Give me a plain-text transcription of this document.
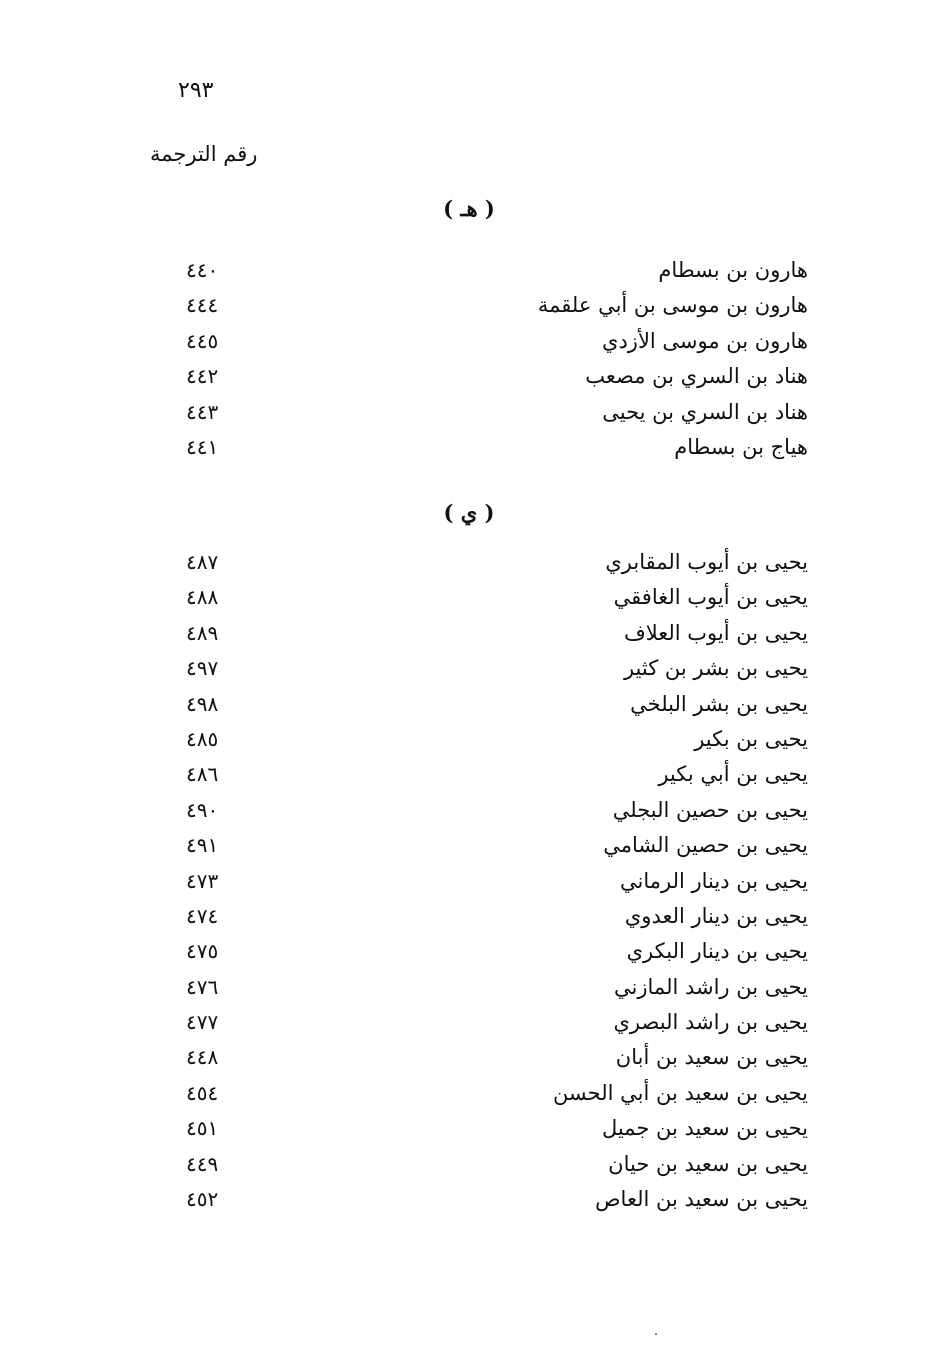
٢٩٣
رقم الترجمة
( هـ )
هارون بن بسطام
٤٤٠
هارون بن موسى بن أبي علقمة
٤٤٤
هارون بن موسى الأزدي
٤٤٥
هناد بن السري بن مصعب
٤٤٢
هناد بن السري بن يحيى
٤٤٣
هياج بن بسطام
٤٤١
( ي )
يحيى بن أيوب المقابري
٤٨٧
يحيى بن أيوب الغافقي
٤٨٨
يحيى بن أيوب العلاف
٤٨٩
يحيى بن بشر بن كثير
٤٩٧
يحيى بن بشر البلخي
٤٩٨
يحيى بن بكير
٤٨٥
يحيى بن أبي بكير
٤٨٦
يحيى بن حصين البجلي
٤٩٠
يحيى بن حصين الشامي
٤٩١
يحيى بن دينار الرماني
٤٧٣
يحيى بن دينار العدوي
٤٧٤
يحيى بن دينار البكري
٤٧٥
يحيى بن راشد المازني
٤٧٦
يحيى بن راشد البصري
٤٧٧
يحيى بن سعيد بن أبان
٤٤٨
يحيى بن سعيد بن أبي الحسن
٤٥٤
يحيى بن سعيد بن جميل
٤٥١
يحيى بن سعيد بن حيان
٤٤٩
يحيى بن سعيد بن العاص
٤٥٢
